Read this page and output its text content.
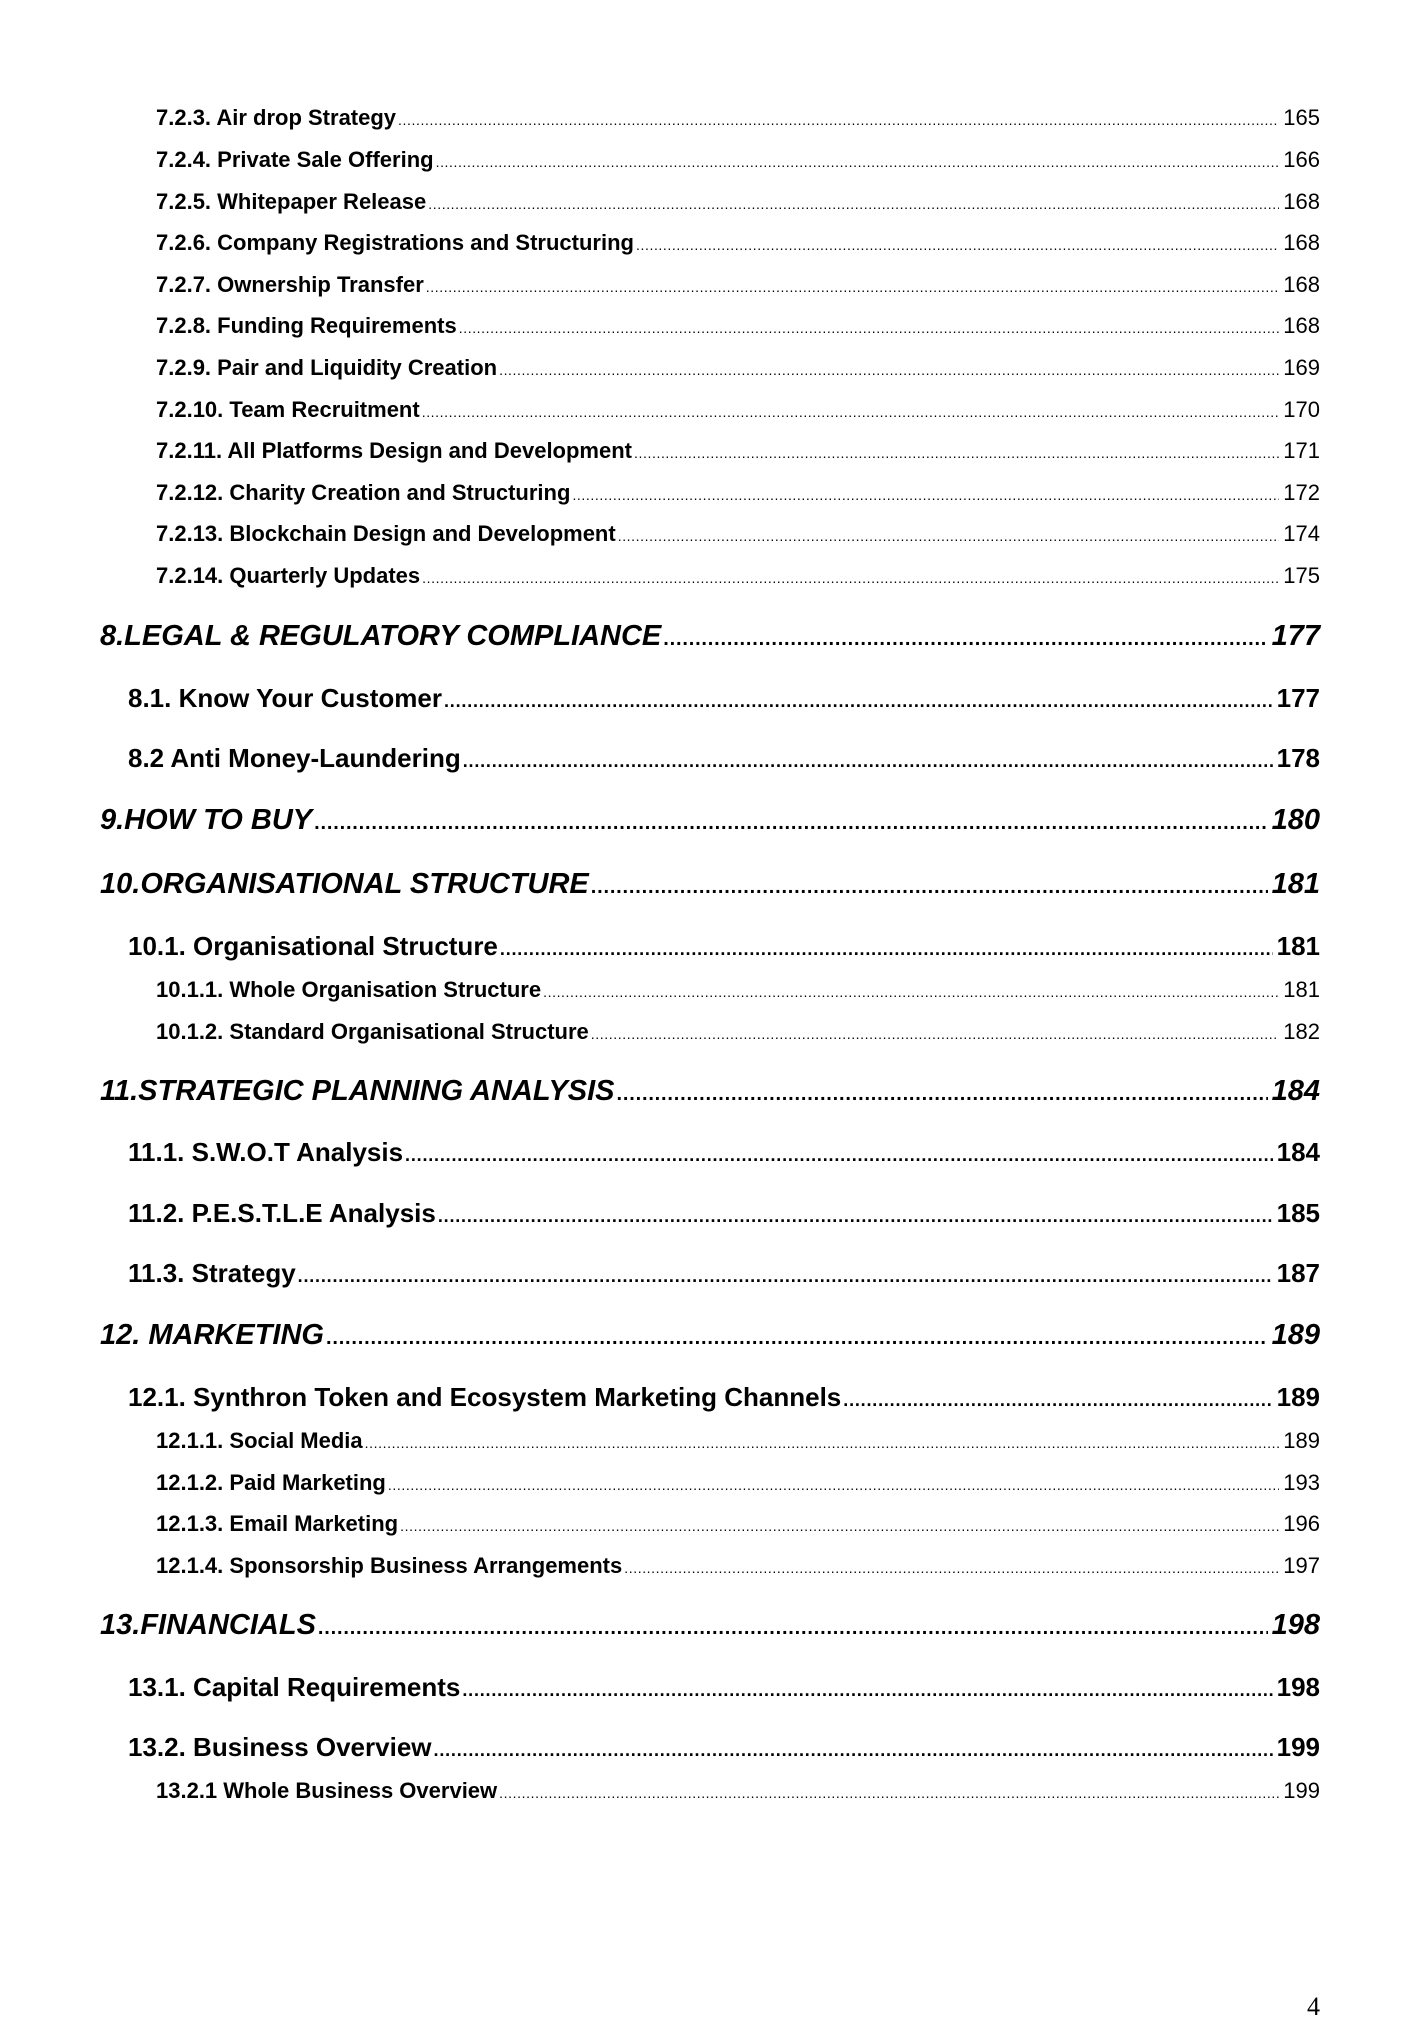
7.2.3. Air drop Strategy .....	165
7.2.4. Private Sale Offering .....	166
7.2.5. Whitepaper Release .....	168
7.2.6. Company Registrations and Structuring .....	168
7.2.7. Ownership Transfer .....	168
7.2.8. Funding Requirements .....	168
7.2.9. Pair and Liquidity Creation .....	169
7.2.10. Team Recruitment .....	170
7.2.11. All Platforms Design and Development .....	171
7.2.12. Charity Creation and Structuring .....	172
7.2.13. Blockchain Design and Development .....	174
7.2.14. Quarterly Updates .....	175
8.LEGAL & REGULATORY COMPLIANCE .....	177
8.1. Know Your Customer .....	177
8.2 Anti Money-Laundering .....	178
9.HOW TO BUY .....	180
10.ORGANISATIONAL STRUCTURE .....	181
10.1. Organisational Structure .....	181
10.1.1. Whole Organisation Structure .....	181
10.1.2. Standard Organisational Structure .....	182
11.STRATEGIC PLANNING ANALYSIS .....	184
11.1. S.W.O.T Analysis .....	184
11.2. P.E.S.T.L.E Analysis .....	185
11.3. Strategy .....	187
12. MARKETING .....	189
12.1. Synthron Token and Ecosystem Marketing Channels .....	189
12.1.1. Social Media .....	189
12.1.2. Paid Marketing .....	193
12.1.3. Email Marketing .....	196
12.1.4. Sponsorship Business Arrangements .....	197
13.FINANCIALS .....	198
13.1. Capital Requirements .....	198
13.2. Business Overview .....	199
13.2.1 Whole Business Overview .....	199
4
